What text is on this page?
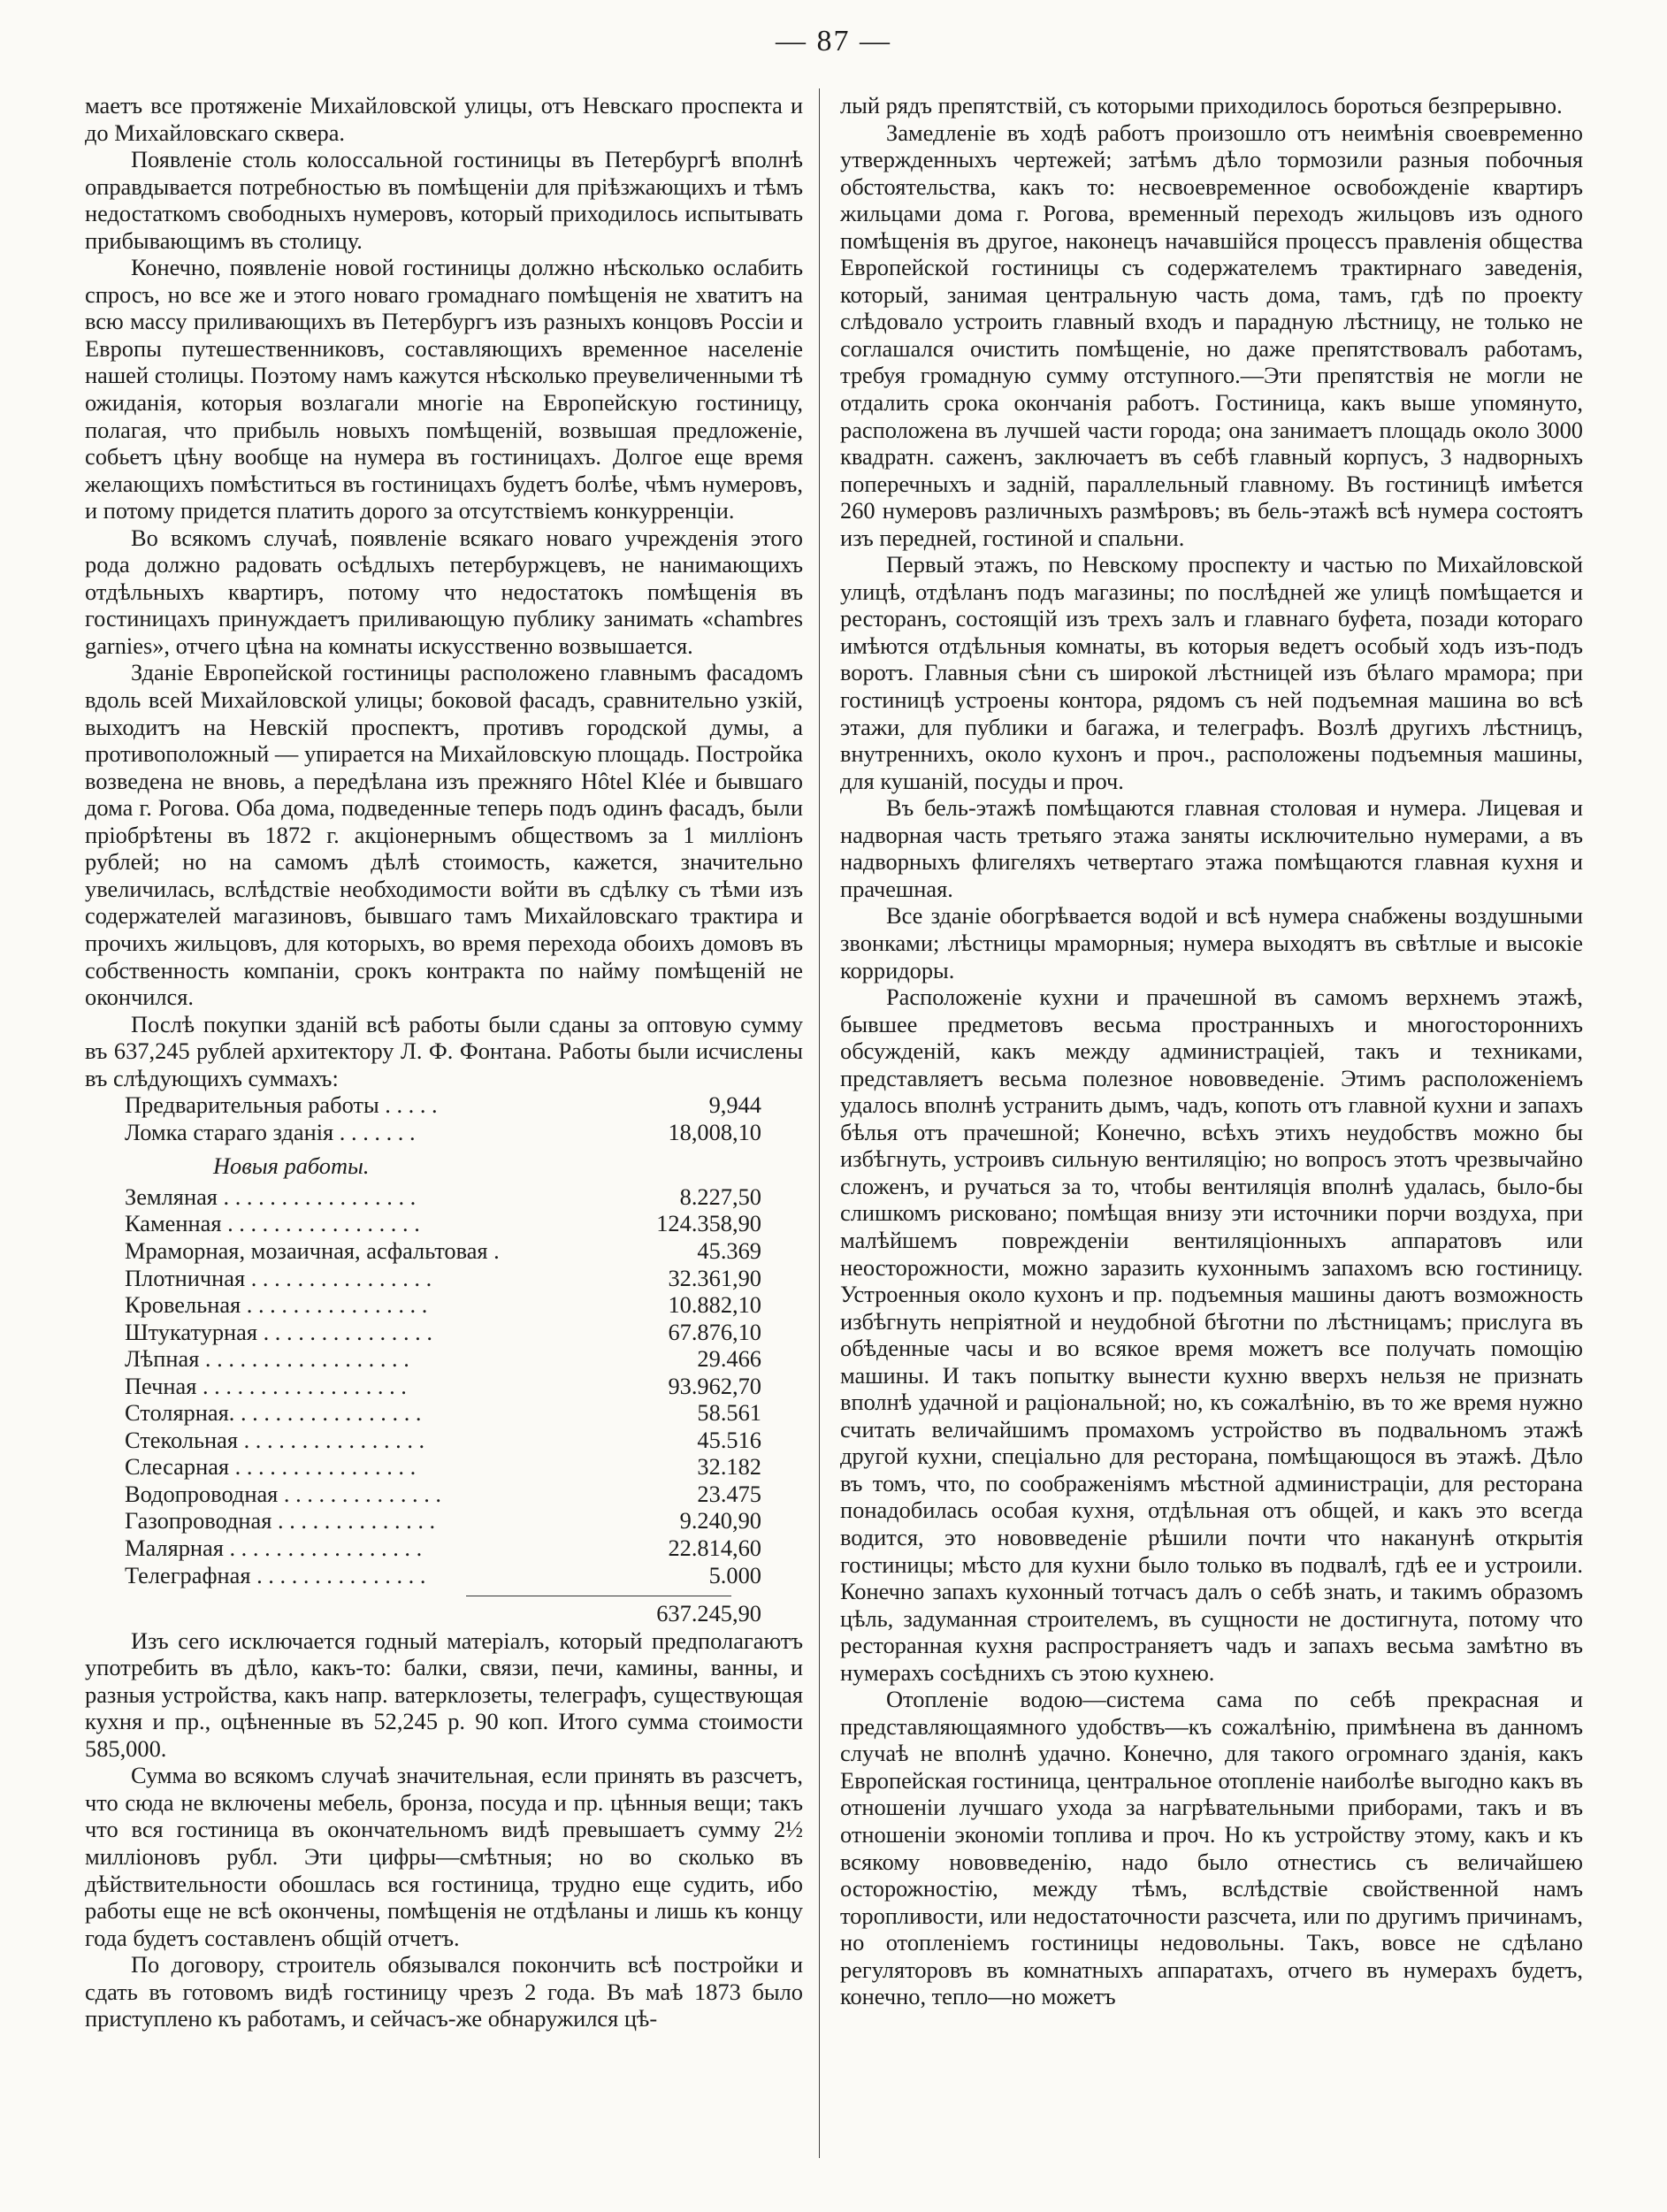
— 87 —

маетъ все протяженіе Михайловской улицы, отъ Невскаго проспекта и до Михайловскаго сквера.

Появленіе столь колоссальной гостиницы въ Петербургѣ вполнѣ оправдывается потребностью въ помѣщеніи для пріѣзжающихъ и тѣмъ недостаткомъ свободныхъ нумеровъ, который приходилось испытывать прибывающимъ въ столицу.

Конечно, появленіе новой гостиницы должно нѣсколько ослабить спросъ, но все же и этого новаго громаднаго помѣщенія не хватитъ на всю массу приливающихъ въ Петербургъ изъ разныхъ концовъ Россіи и Европы путешественниковъ, составляющихъ временное населеніе нашей столицы. Поэтому намъ кажутся нѣсколько преувеличенными тѣ ожиданія, которыя возлагали многіе на Европейскую гостиницу, полагая, что прибыль новыхъ помѣщеній, возвышая предложеніе, собьетъ цѣну вообще на нумера въ гостиницахъ. Долгое еще время желающихъ помѣститься въ гостиницахъ будетъ болѣе, чѣмъ нумеровъ, и потому придется платить дорого за отсутствіемъ конкурренціи.

Во всякомъ случаѣ, появленіе всякаго новаго учрежденія этого рода должно радовать осѣдлыхъ петербуржцевъ, не нанимающихъ отдѣльныхъ квартиръ, потому что недостатокъ помѣщенія въ гостиницахъ принуждаетъ приливающую публику занимать «chambres garnies», отчего цѣна на комнаты искусственно возвышается.

Зданіе Европейской гостиницы расположено главнымъ фасадомъ вдоль всей Михайловской улицы; боковой фасадъ, сравнительно узкій, выходитъ на Невскій проспектъ, противъ городской думы, а противоположный — упирается на Михайловскую площадь. Постройка возведена не вновь, а передѣлана изъ прежняго Hôtel Klée и бывшаго дома г. Рогова. Оба дома, подведенные теперь подъ одинъ фасадъ, были пріобрѣтены въ 1872 г. акціонернымъ обществомъ за 1 милліонъ рублей; но на самомъ дѣлѣ стоимость, кажется, значительно увеличилась, вслѣдствіе необходимости войти въ сдѣлку съ тѣми изъ содержателей магазиновъ, бывшаго тамъ Михайловскаго трактира и прочихъ жильцовъ, для которыхъ, во время перехода обоихъ домовъ въ собственность компаніи, срокъ контракта по найму помѣщеній не окончился.

Послѣ покупки зданій всѣ работы были сданы за оптовую сумму въ 637,245 рублей архитектору Л. Ф. Фонтана. Работы были исчислены въ слѣдующихъ суммахъ:

Предварительныя работы . . . . .	9,944
Ломка стараго зданія . . . . . . .	18,008,10
Новыя работы.
Земляная . . . . . . . . . . . . . . . . .	8.227,50
Каменная . . . . . . . . . . . . . . . . .	124.358,90
Мраморная, мозаичная, асфальтовая .	45.369
Плотничная . . . . . . . . . . . . . . . .	32.361,90
Кровельная . . . . . . . . . . . . . . . .	10.882,10
Штукатурная . . . . . . . . . . . . . . .	67.876,10
Лѣпная . . . . . . . . . . . . . . . . . .	29.466
Печная . . . . . . . . . . . . . . . . . .	93.962,70
Столярная. . . . . . . . . . . . . . . . .	58.561
Стекольная . . . . . . . . . . . . . . . .	45.516
Слесарная . . . . . . . . . . . . . . . .	32.182
Водопроводная . . . . . . . . . . . . . .	23.475
Газопроводная . . . . . . . . . . . . . .	9.240,90
Малярная . . . . . . . . . . . . . . . . .	22.814,60
Телеграфная . . . . . . . . . . . . . . .	5.000
637.245,90

Изъ сего исключается годный матеріалъ, который предполагаютъ употребить въ дѣло, какъ-то: балки, связи, печи, камины, ванны, и разныя устройства, какъ напр. ватерклозеты, телеграфъ, существующая кухня и пр., оцѣненные въ 52,245 р. 90 коп. Итого сумма стоимости 585,000.

Сумма во всякомъ случаѣ значительная, если принять въ разсчетъ, что сюда не включены мебель, бронза, посуда и пр. цѣнныя вещи; такъ что вся гостиница въ окончательномъ видѣ превышаетъ сумму 2½ милліоновъ рубл. Эти цифры—смѣтныя; но во сколько въ дѣйствительности обошлась вся гостиница, трудно еще судить, ибо работы еще не всѣ окончены, помѣщенія не отдѣланы и лишь къ концу года будетъ составленъ общій отчетъ.

По договору, строитель обязывался покончить всѣ постройки и сдать въ готовомъ видѣ гостиницу чрезъ 2 года. Въ маѣ 1873 было приступлено къ работамъ, и сейчасъ-же обнаружился цѣ-

лый рядъ препятствій, съ которыми приходилось бороться безпрерывно.

Замедленіе въ ходѣ работъ произошло отъ неимѣнія своевременно утвержденныхъ чертежей; затѣмъ дѣло тормозили разныя побочныя обстоятельства, какъ то: несвоевременное освобожденіе квартиръ жильцами дома г. Рогова, временный переходъ жильцовъ изъ одного помѣщенія въ другое, наконецъ начавшійся процессъ правленія общества Европейской гостиницы съ содержателемъ трактирнаго заведенія, который, занимая центральную часть дома, тамъ, гдѣ по проекту слѣдовало устроить главный входъ и парадную лѣстницу, не только не соглашался очистить помѣщеніе, но даже препятствовалъ работамъ, требуя громадную сумму отступного.—Эти препятствія не могли не отдалить срока окончанія работъ. Гостиница, какъ выше упомянуто, расположена въ лучшей части города; она занимаетъ площадь около 3000 квадратн. саженъ, заключаетъ въ себѣ главный корпусъ, 3 надворныхъ поперечныхъ и задній, параллельный главному. Въ гостиницѣ имѣется 260 нумеровъ различныхъ размѣровъ; въ бель-этажѣ всѣ нумера состоятъ изъ передней, гостиной и спальни.

Первый этажъ, по Невскому проспекту и частью по Михайловской улицѣ, отдѣланъ подъ магазины; по послѣдней же улицѣ помѣщается и ресторанъ, состоящій изъ трехъ залъ и главнаго буфета, позади котораго имѣются отдѣльныя комнаты, въ которыя ведетъ особый ходъ изъ-подъ воротъ. Главныя сѣни съ широкой лѣстницей изъ бѣлаго мрамора; при гостиницѣ устроены контора, рядомъ съ ней подъемная машина во всѣ этажи, для публики и багажа, и телеграфъ. Возлѣ другихъ лѣстницъ, внутреннихъ, около кухонъ и проч., расположены подъемныя машины, для кушаній, посуды и проч.

Въ бель-этажѣ помѣщаются главная столовая и нумера. Лицевая и надворная часть третьяго этажа заняты исключительно нумерами, а въ надворныхъ флигеляхъ четвертаго этажа помѣщаются главная кухня и прачешная.

Все зданіе обогрѣвается водой и всѣ нумера снабжены воздушными звонками; лѣстницы мраморныя; нумера выходятъ въ свѣтлые и высокіе корридоры.

Расположеніе кухни и прачешной въ самомъ верхнемъ этажѣ, бывшее предметовъ весьма пространныхъ и многостороннихъ обсужденій, какъ между администраціей, такъ и техниками, представляетъ весьма полезное нововведеніе. Этимъ расположеніемъ удалось вполнѣ устранить дымъ, чадъ, копоть отъ главной кухни и запахъ бѣлья отъ прачешной; Конечно, всѣхъ этихъ неудобствъ можно бы избѣгнуть, устроивъ сильную вентиляцію; но вопросъ этотъ чрезвычайно сложенъ, и ручаться за то, чтобы вентиляція вполнѣ удалась, было-бы слишкомъ рисковано; помѣщая внизу эти источники порчи воздуха, при малѣйшемъ поврежденіи вентиляціонныхъ аппаратовъ или неосторожности, можно заразить кухоннымъ запахомъ всю гостиницу. Устроенныя около кухонъ и пр. подъемныя машины даютъ возможность избѣгнуть непріятной и неудобной бѣготни по лѣстницамъ; прислуга въ обѣденные часы и во всякое время можетъ все получать помощію машины. И такъ попытку вынести кухню вверхъ нельзя не признать вполнѣ удачной и раціональной; но, къ сожалѣнію, въ то же время нужно считать величайшимъ промахомъ устройство въ подвальномъ этажѣ другой кухни, спеціально для ресторана, помѣщающося въ этажѣ. Дѣло въ томъ, что, по соображеніямъ мѣстной администраціи, для ресторана понадобилась особая кухня, отдѣльная отъ общей, и какъ это всегда водится, это нововведеніе рѣшили почти что наканунѣ открытія гостиницы; мѣсто для кухни было только въ подвалѣ, гдѣ ее и устроили. Конечно запахъ кухонный тотчасъ далъ о себѣ знать, и такимъ образомъ цѣль, задуманная строителемъ, въ сущности не достигнута, потому что ресторанная кухня распространяетъ чадъ и запахъ весьма замѣтно въ нумерахъ сосѣднихъ съ этою кухнею.

Отопленіе водою—система сама по себѣ прекрасная и представляющаямного удобствъ—къ сожалѣнію, примѣнена въ данномъ случаѣ не вполнѣ удачно. Конечно, для такого огромнаго зданія, какъ Европейская гостиница, центральное отопленіе наиболѣе выгодно какъ въ отношеніи лучшаго ухода за нагрѣвательными приборами, такъ и въ отношеніи экономіи топлива и проч. Но къ устройству этому, какъ и къ всякому нововведенію, надо было отнестись съ величайшею осторожностію, между тѣмъ, вслѣдствіе свойственной намъ торопливости, или недостаточности разсчета, или по другимъ причинамъ, но отопленіемъ гостиницы недовольны. Такъ, вовсе не сдѣлано регуляторовъ въ комнатныхъ аппаратахъ, отчего въ нумерахъ будетъ, конечно, тепло—но можетъ
